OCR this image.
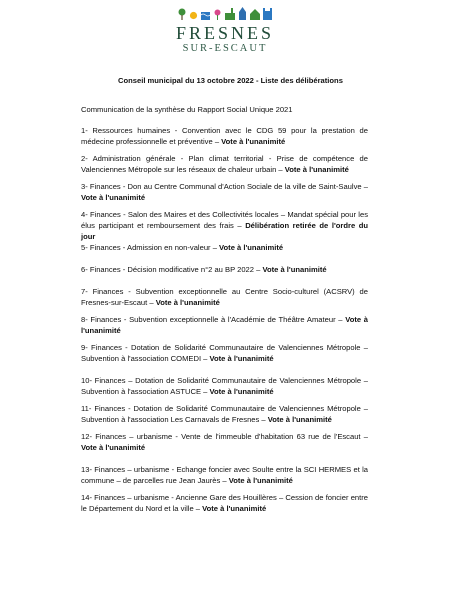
FRESNES
SUR-ESCAUT
Conseil municipal du 13 octobre 2022 - Liste des délibérations
Communication de la synthèse du Rapport Social Unique 2021
1- Ressources humaines - Convention avec le CDG 59 pour la prestation de médecine professionnelle et préventive – Vote à l'unanimité
2- Administration générale - Plan climat territorial - Prise de compétence de Valenciennes Métropole sur les réseaux de chaleur urbain – Vote à l'unanimité
3- Finances - Don au Centre Communal d'Action Sociale de la ville de Saint-Saulve – Vote à l'unanimité
4- Finances - Salon des Maires et des Collectivités locales – Mandat spécial pour les élus participant et remboursement des frais – Délibération retirée de l'ordre du jour
5- Finances - Admission en non-valeur – Vote à l'unanimité
6- Finances - Décision modificative n°2 au BP 2022 – Vote à l'unanimité
7- Finances - Subvention exceptionnelle au Centre Socio-culturel (ACSRV) de Fresnes-sur-Escaut – Vote à l'unanimité
8- Finances - Subvention exceptionnelle à l'Académie de Théâtre Amateur – Vote à l'unanimité
9- Finances - Dotation de Solidarité Communautaire de Valenciennes Métropole – Subvention à l'association COMEDI – Vote à l'unanimité
10- Finances – Dotation de Solidarité Communautaire de Valenciennes Métropole – Subvention à l'association ASTUCE – Vote à l'unanimité
11- Finances - Dotation de Solidarité Communautaire de Valenciennes Métropole – Subvention à l'association Les Carnavals de Fresnes – Vote à l'unanimité
12- Finances – urbanisme - Vente de l'immeuble d'habitation 63 rue de l'Escaut – Vote à l'unanimité
13- Finances – urbanisme - Echange foncier avec Soulte entre la SCI HERMES et la commune – de parcelles rue Jean Jaurès – Vote à l'unanimité
14- Finances – urbanisme - Ancienne Gare des Houillères – Cession de foncier entre le Département du Nord et la ville – Vote à l'unanimité
